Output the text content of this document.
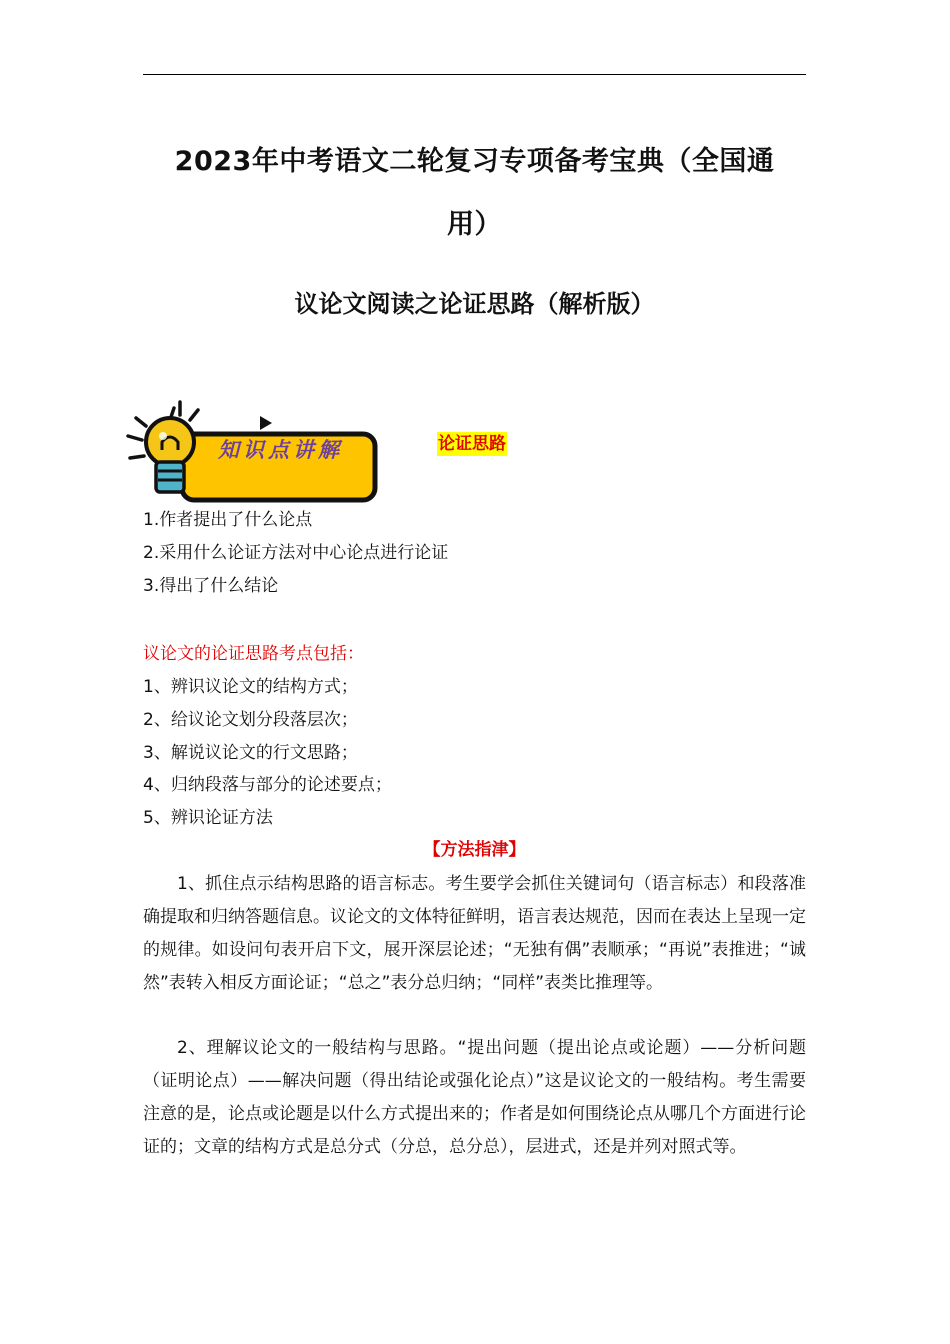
2023年中考语文二轮复习专项备考宝典（全国通
用）
议论文阅读之论证思路（解析版）
知识点讲解	论证思路
1.作者提出了什么论点
2.采用什么论证方法对中心论点进行论证
3.得出了什么结论
议论文的论证思路考点包括：
1、辨识议论文的结构方式；
2、给议论文划分段落层次；
3、解说议论文的行文思路；
4、归纳段落与部分的论述要点；
5、辨识论证方法
【方法指津】

1、抓住点示结构思路的语言标志。考生要学会抓住关键词句（语言标志）和段落准确提取和归纳答题信息。议论文的文体特征鲜明，语言表达规范，因而在表达上呈现一定的规律。如设问句表开启下文，展开深层论述；“无独有偶”表顺承；“再说”表推进；“诚然”表转入相反方面论证；“总之”表分总归纳；“同样”表类比推理等。

2、理解议论文的一般结构与思路。“提出问题（提出论点或论题）——分析问题（证明论点）——解决问题（得出结论或强化论点）”这是议论文的一般结构。考生需要注意的是，论点或论题是以什么方式提出来的；作者是如何围绕论点从哪几个方面进行论证的；文章的结构方式是总分式（分总，总分总），层进式，还是并列对照式等。
